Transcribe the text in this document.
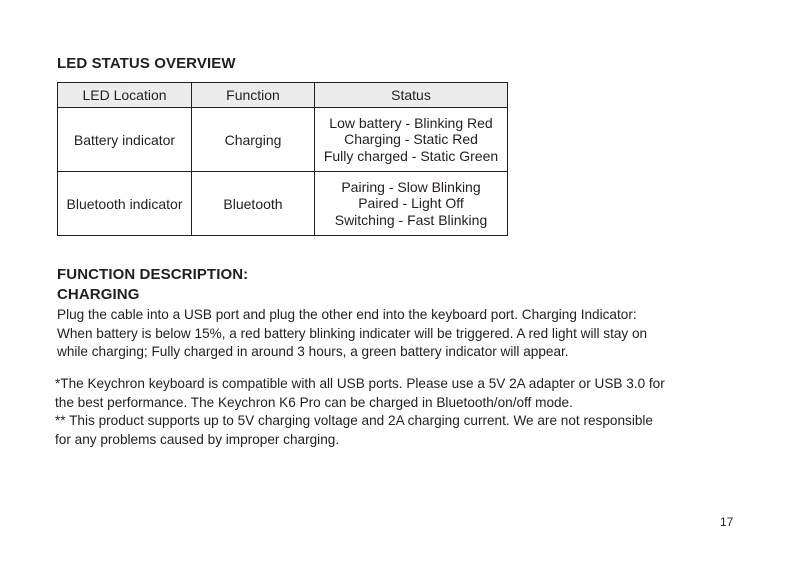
LED STATUS OVERVIEW
LED Location	Function	Status
Battery indicator	Charging	Low battery - Blinking Red
Charging - Static Red
Fully charged - Static Green

Bluetooth indicator	Bluetooth	Pairing - Slow Blinking
Paired - Light Off
Switching - Fast Blinking
FUNCTION DESCRIPTION:
CHARGING

Plug the cable into a USB port and plug the other end into the keyboard port. Charging Indicator:
When battery is below 15%, a red battery blinking indicater will be triggered. A red light will stay on
while charging; Fully charged in around 3 hours, a green battery indicator will appear.

*The Keychron keyboard is compatible with all USB ports. Please use a 5V 2A adapter or USB 3.0 for
the best performance. The Keychron K6 Pro can be charged in Bluetooth/on/off mode.
** This product supports up to 5V charging voltage and 2A charging current. We are not responsible
for any problems caused by improper charging.

17
